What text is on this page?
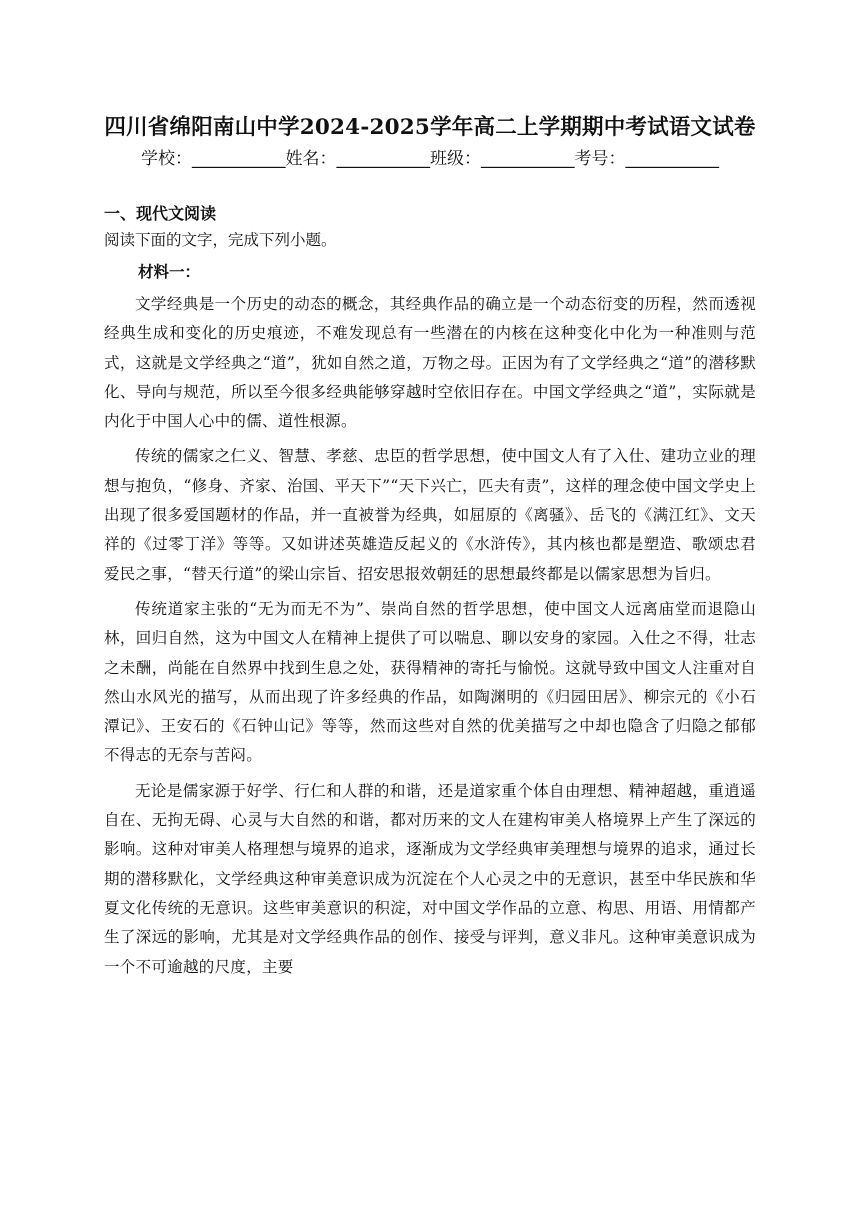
四川省绵阳南山中学2024-2025学年高二上学期期中考试语文试卷
学校：___________姓名：___________班级：___________考号：___________
一、现代文阅读
阅读下面的文字，完成下列小题。
材料一：

文学经典是一个历史的动态的概念，其经典作品的确立是一个动态衍变的历程，然而透视经典生成和变化的历史痕迹，不难发现总有一些潜在的内核在这种变化中化为一种准则与范式，这就是文学经典之“道”，犹如自然之道，万物之母。正因为有了文学经典之“道”的潜移默化、导向与规范，所以至今很多经典能够穿越时空依旧存在。中国文学经典之“道”，实际就是内化于中国人心中的儒、道性根源。

传统的儒家之仁义、智慧、孝慈、忠臣的哲学思想，使中国文人有了入仕、建功立业的理想与抱负，“修身、齐家、治国、平天下”“天下兴亡，匹夫有责”，这样的理念使中国文学史上出现了很多爱国题材的作品，并一直被誉为经典，如屈原的《离骚》、岳飞的《满江红》、文天祥的《过零丁洋》等等。又如讲述英雄造反起义的《水浒传》，其内核也都是塑造、歌颂忠君爱民之事，“替天行道”的梁山宗旨、招安思报效朝廷的思想最终都是以儒家思想为旨归。

传统道家主张的“无为而无不为”、崇尚自然的哲学思想，使中国文人远离庙堂而退隐山林，回归自然，这为中国文人在精神上提供了可以喘息、聊以安身的家园。入仕之不得，壮志之未酬，尚能在自然界中找到生息之处，获得精神的寄托与愉悦。这就导致中国文人注重对自然山水风光的描写，从而出现了许多经典的作品，如陶渊明的《归园田居》、柳宗元的《小石潭记》、王安石的《石钟山记》等等，然而这些对自然的优美描写之中却也隐含了归隐之郁郁不得志的无奈与苦闷。

无论是儒家源于好学、行仁和人群的和谐，还是道家重个体自由理想、精神超越，重逍遥自在、无拘无碍、心灵与大自然的和谐，都对历来的文人在建构审美人格境界上产生了深远的影响。这种对审美人格理想与境界的追求，逐渐成为文学经典审美理想与境界的追求，通过长期的潜移默化，文学经典这种审美意识成为沉淀在个人心灵之中的无意识，甚至中华民族和华夏文化传统的无意识。这些审美意识的积淀，对中国文学作品的立意、构思、用语、用情都产生了深远的影响，尤其是对文学经典作品的创作、接受与评判，意义非凡。这种审美意识成为一个不可逾越的尺度，主要
